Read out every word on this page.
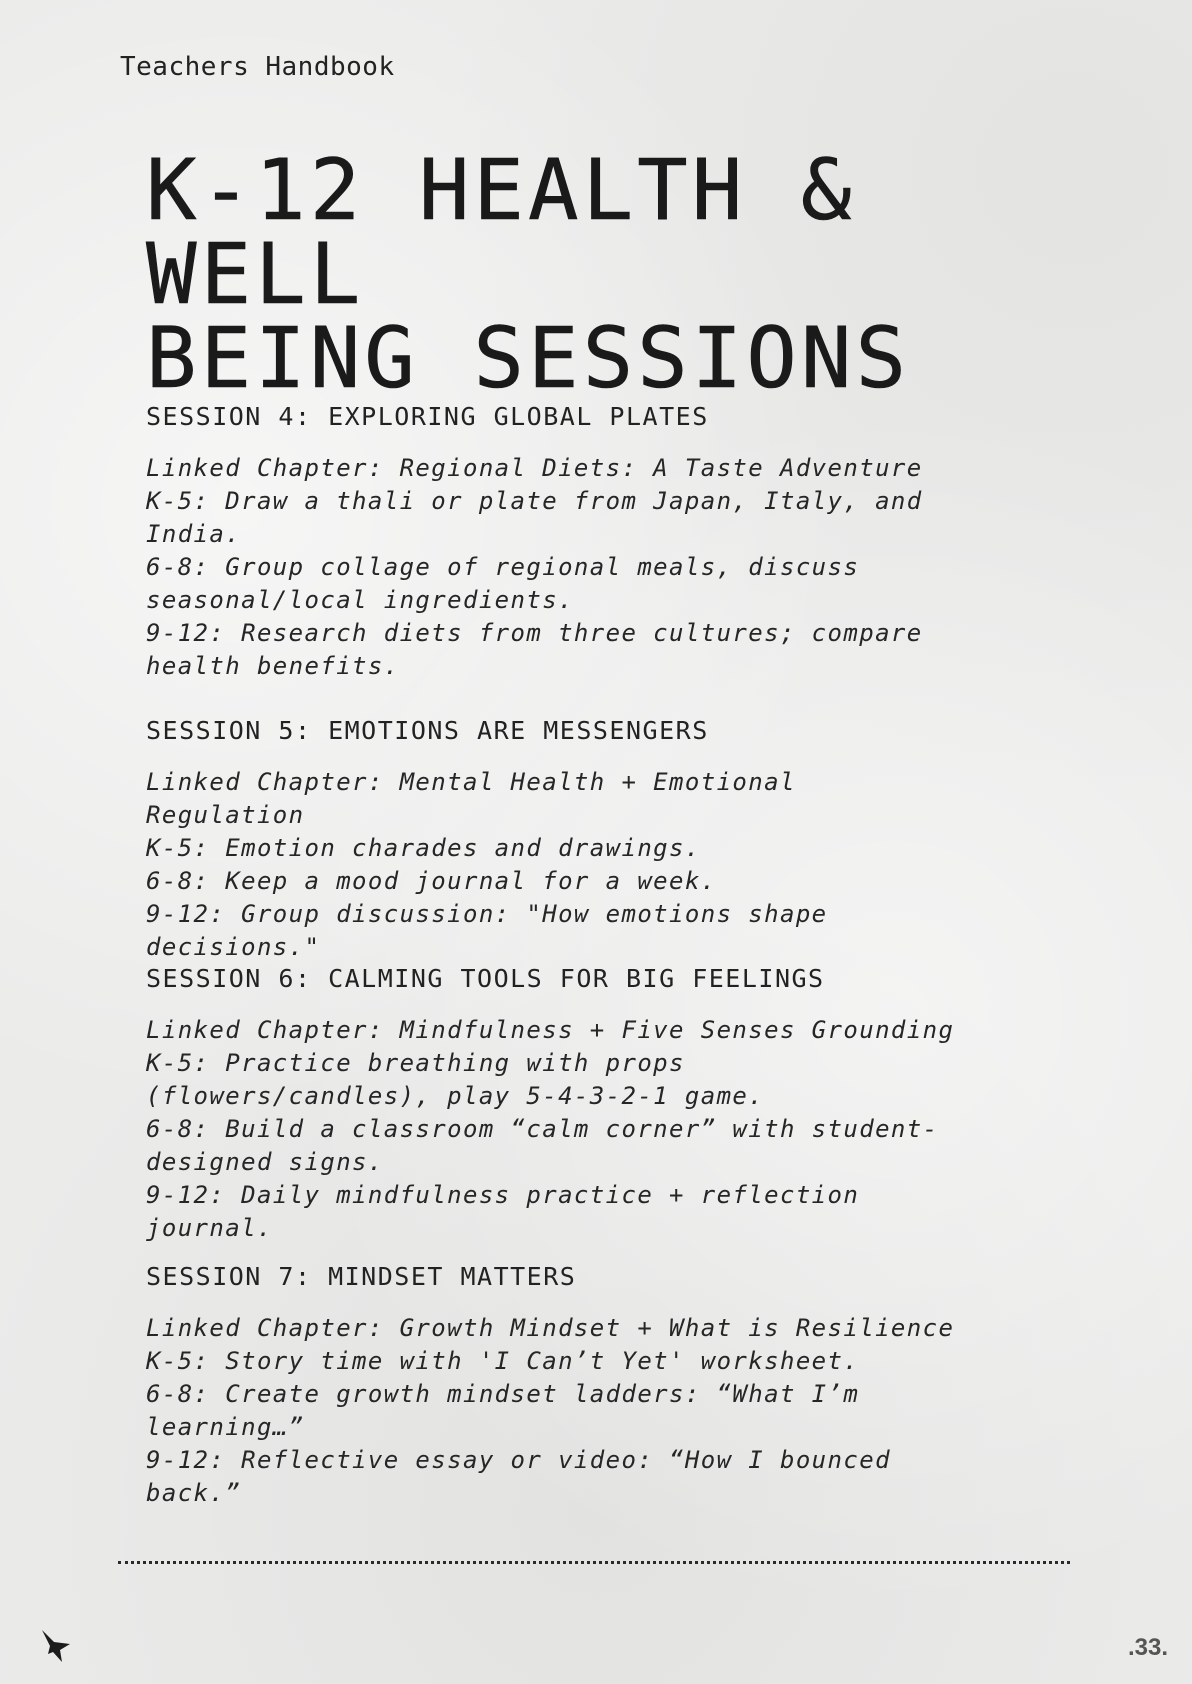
Teachers Handbook
K-12 HEALTH & WELL
BEING SESSIONS
SESSION 4: EXPLORING GLOBAL PLATES
Linked Chapter: Regional Diets: A Taste Adventure
K-5: Draw a thali or plate from Japan, Italy, and India.
6-8: Group collage of regional meals, discuss seasonal/local ingredients.
9-12: Research diets from three cultures; compare health benefits.
SESSION 5: EMOTIONS ARE MESSENGERS
Linked Chapter: Mental Health + Emotional Regulation
K-5: Emotion charades and drawings.
6-8: Keep a mood journal for a week.
9-12: Group discussion: "How emotions shape decisions."
SESSION 6: CALMING TOOLS FOR BIG FEELINGS
Linked Chapter: Mindfulness + Five Senses Grounding
K-5: Practice breathing with props (flowers/candles), play 5-4-3-2-1 game.
6-8: Build a classroom “calm corner” with student-designed signs.
9-12: Daily mindfulness practice + reflection journal.
SESSION 7: MINDSET MATTERS
Linked Chapter: Growth Mindset + What is Resilience
K-5: Story time with 'I Can’t Yet' worksheet.
6-8: Create growth mindset ladders: “What I’m learning…”
9-12: Reflective essay or video: “How I bounced back.”
.33.
